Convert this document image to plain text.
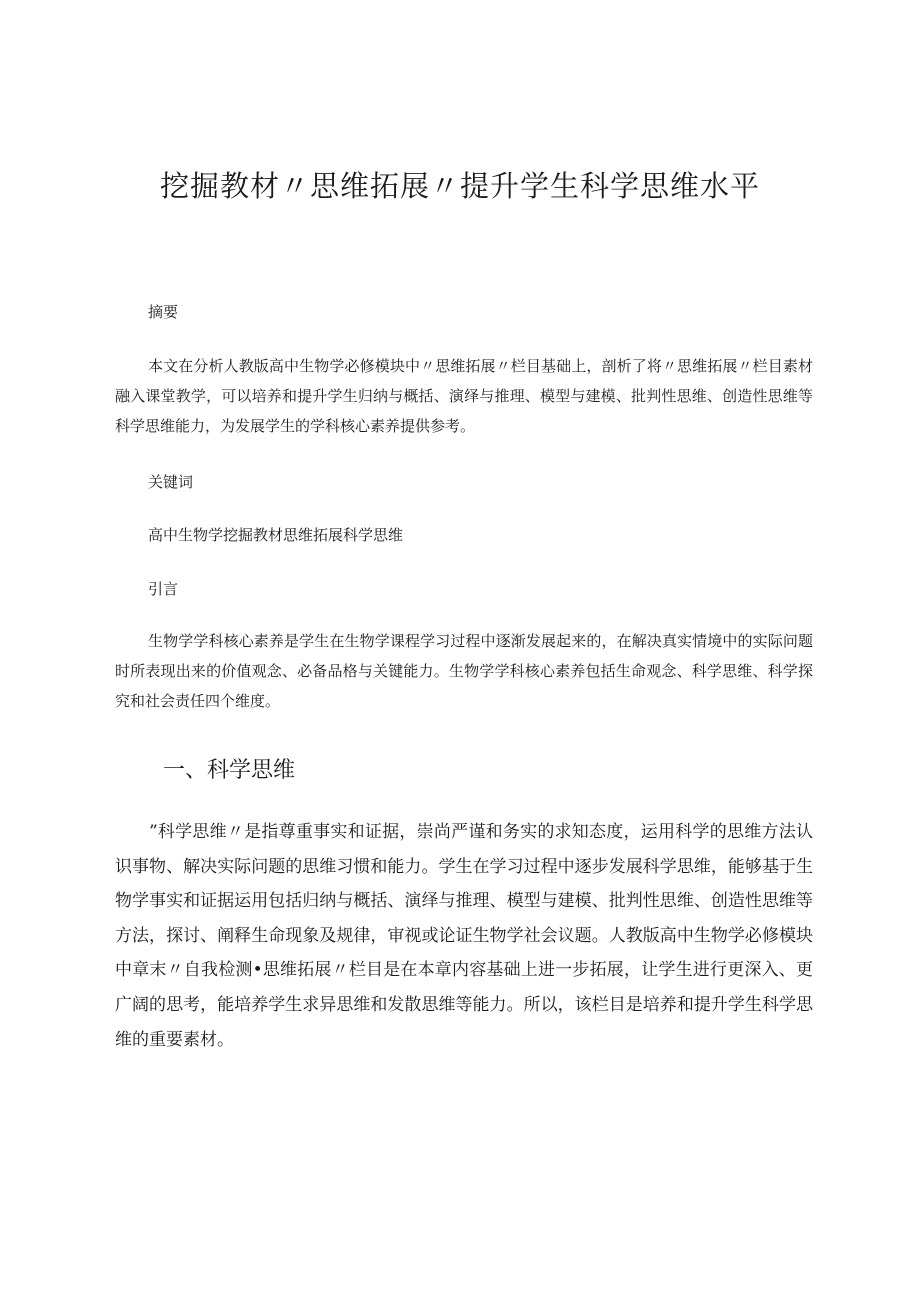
挖掘教材〃思维拓展〃提升学生科学思维水平

摘要

本文在分析人教版高中生物学必修模块中〃思维拓展〃栏目基础上，剖析了将〃思维拓展〃栏目素材融入课堂教学，可以培养和提升学生归纳与概括、演绎与推理、模型与建模、批判性思维、创造性思维等科学思维能力，为发展学生的学科核心素养提供参考。

关键词

高中生物学挖掘教材思维拓展科学思维

引言

生物学学科核心素养是学生在生物学课程学习过程中逐渐发展起来的，在解决真实情境中的实际问题时所表现出来的价值观念、必备品格与关键能力。生物学学科核心素养包括生命观念、科学思维、科学探究和社会责任四个维度。

一、科学思维

”科学思维〃是指尊重事实和证据，崇尚严谨和务实的求知态度，运用科学的思维方法认识事物、解决实际问题的思维习惯和能力。学生在学习过程中逐步发展科学思维，能够基于生物学事实和证据运用包括归纳与概括、演绎与推理、模型与建模、批判性思维、创造性思维等方法，探讨、阐释生命现象及规律，审视或论证生物学社会议题。人教版高中生物学必修模块中章末〃自我检测•思维拓展〃栏目是在本章内容基础上进一步拓展，让学生进行更深入、更广阔的思考，能培养学生求异思维和发散思维等能力。所以，该栏目是培养和提升学生科学思维的重要素材。
